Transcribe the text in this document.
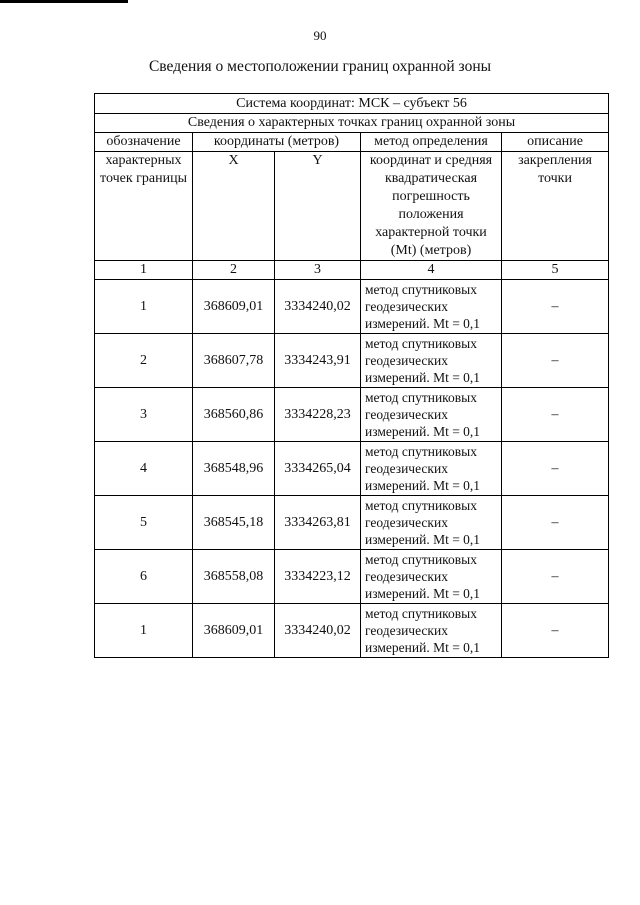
90
Сведения о местоположении границ охранной зоны
Система координат: МСК – субъект 56				
Сведения о характерных точках границ охранной зоны				
обозначение	координаты (метров)		метод определения	описание
характерных точек границы	X	Y	координат и средняя квадратическая погрешность положения характерной точки (Mt) (метров)	закрепления точки
1	2	3	4	5
1	368609,01	3334240,02	метод спутниковых геодезических измерений. Mt = 0,1	–
2	368607,78	3334243,91	метод спутниковых геодезических измерений. Mt = 0,1	–
3	368560,86	3334228,23	метод спутниковых геодезических измерений. Mt = 0,1	–
4	368548,96	3334265,04	метод спутниковых геодезических измерений. Mt = 0,1	–
5	368545,18	3334263,81	метод спутниковых геодезических измерений. Mt = 0,1	–
6	368558,08	3334223,12	метод спутниковых геодезических измерений. Mt = 0,1	–
1	368609,01	3334240,02	метод спутниковых геодезических измерений. Mt = 0,1	–
